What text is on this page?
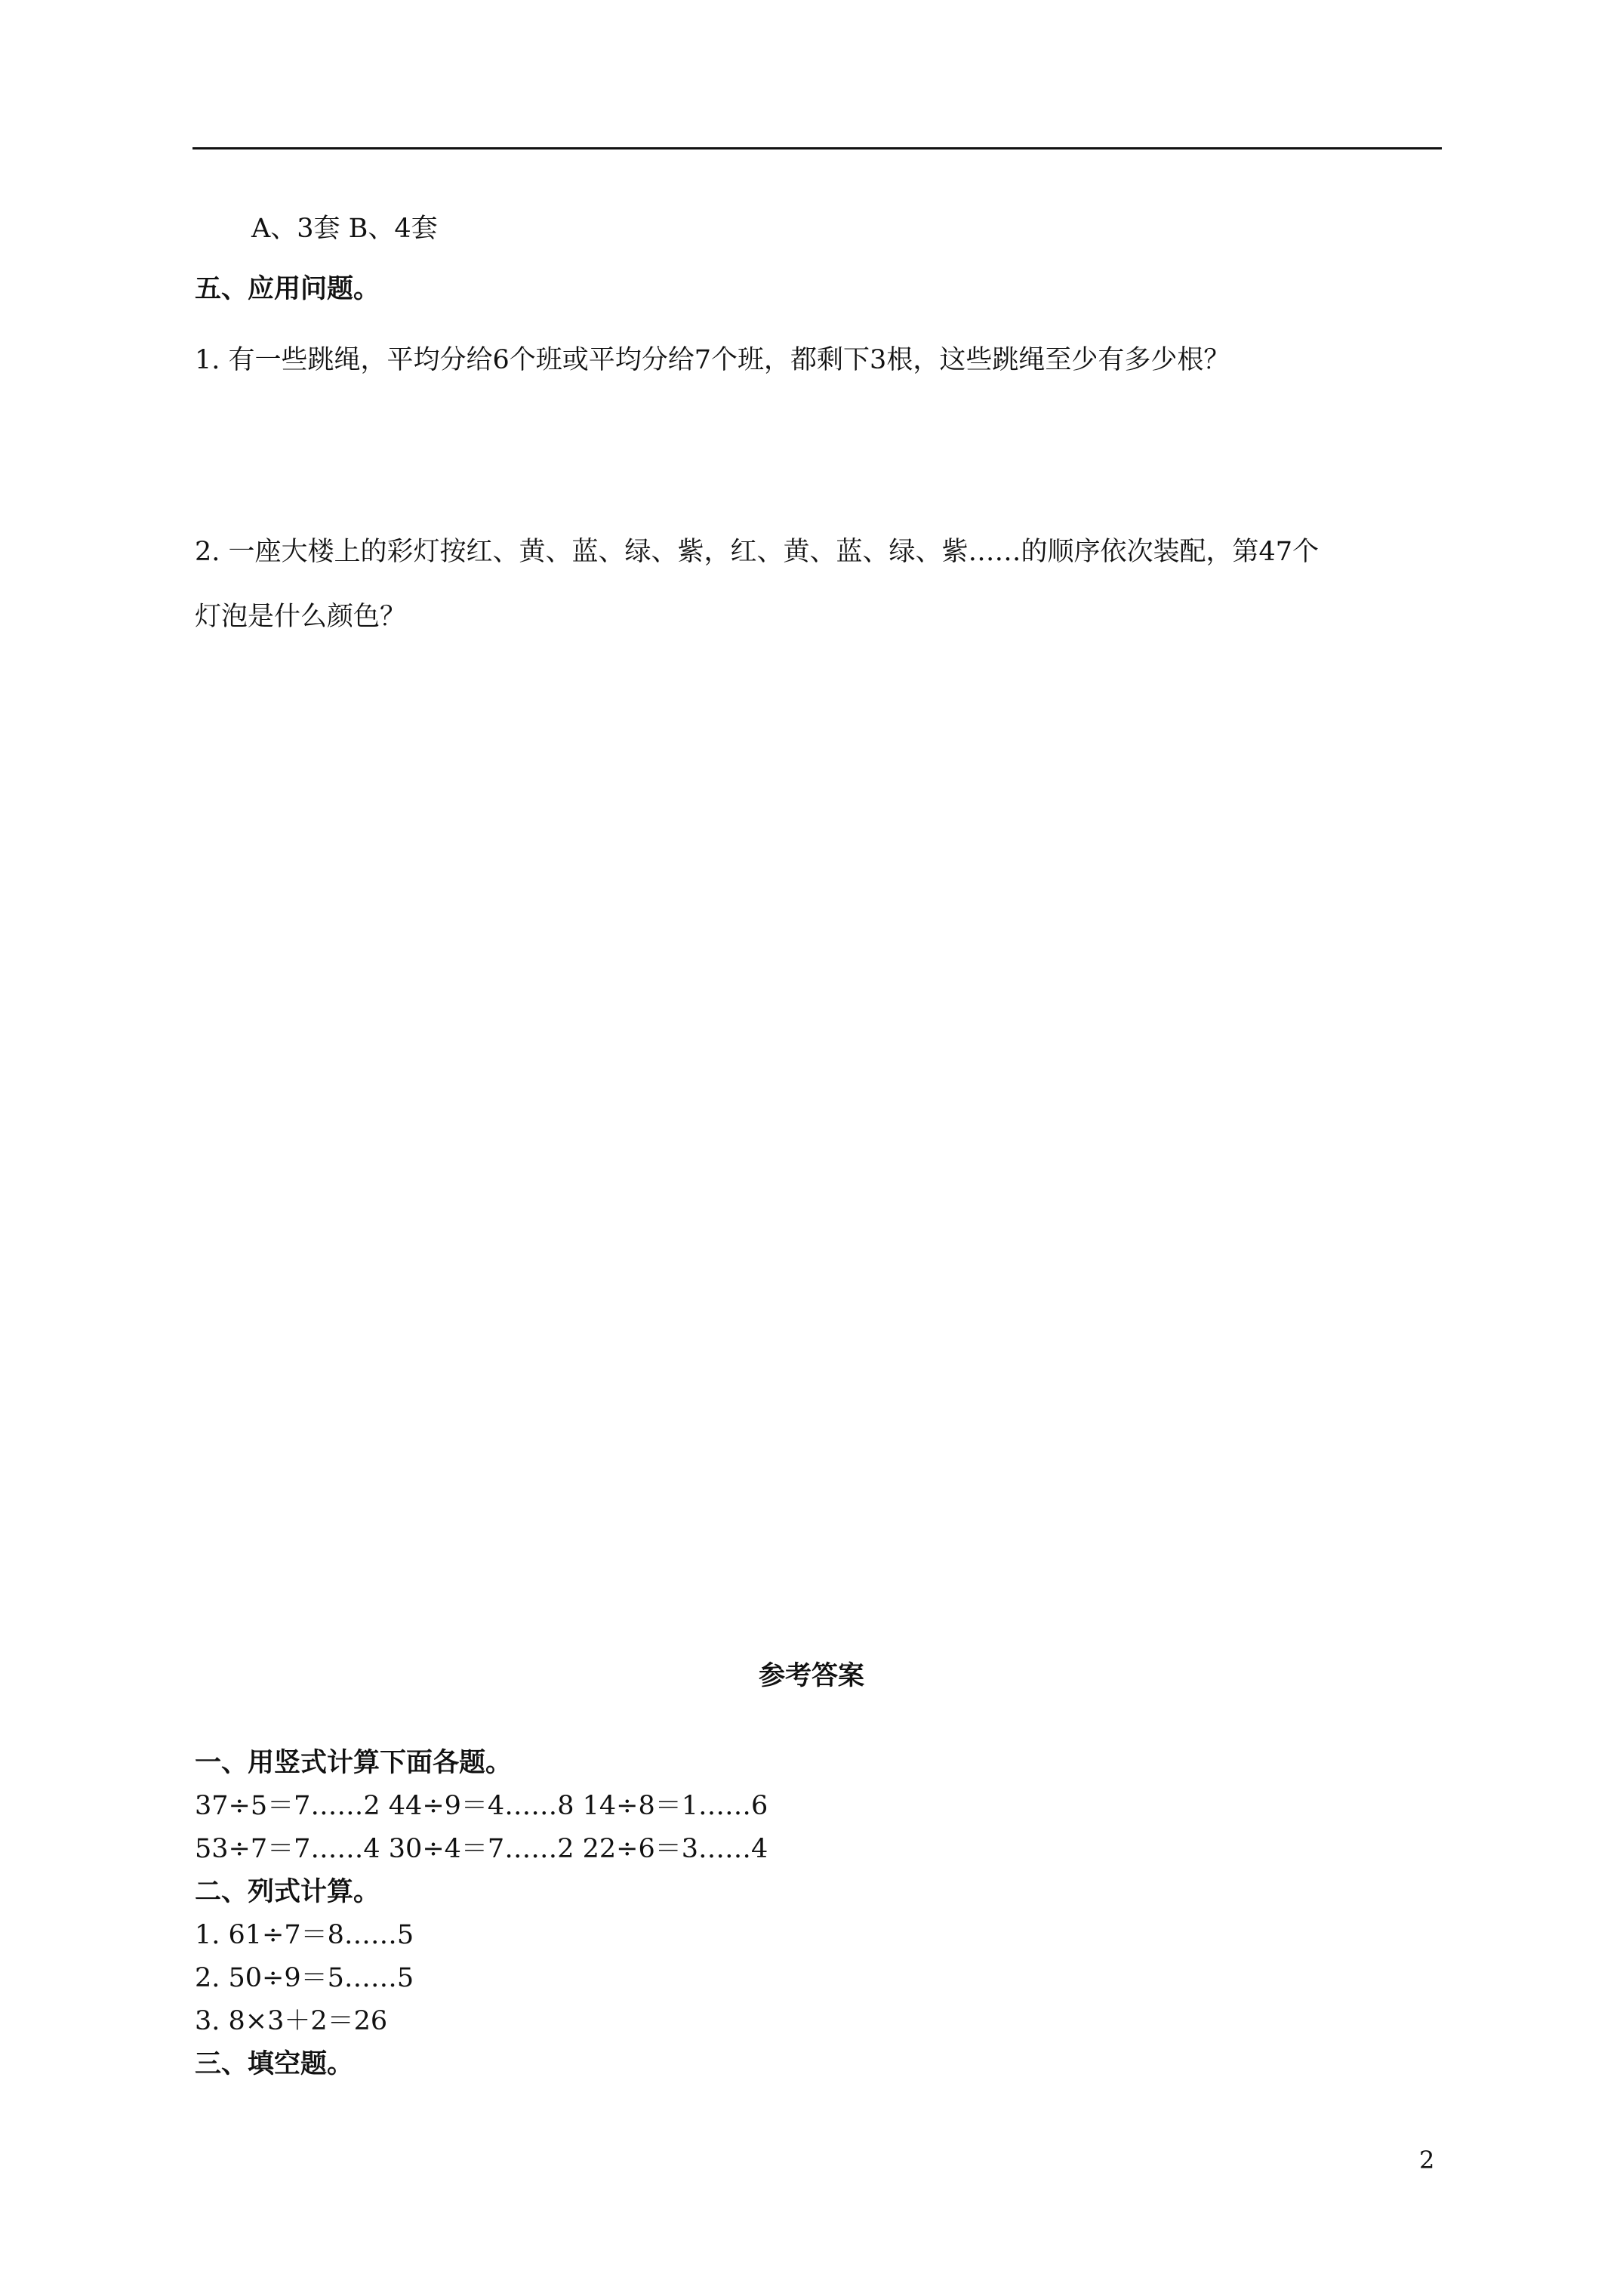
A、3套 B、4套
五、应用问题。
1. 有一些跳绳，平均分给6个班或平均分给7个班，都剩下3根，这些跳绳至少有多少根？
2. 一座大楼上的彩灯按红、黄、蓝、绿、紫，红、黄、蓝、绿、紫……的顺序依次装配，第47个
灯泡是什么颜色？
参考答案
一、用竖式计算下面各题。
37÷5＝7……2 44÷9＝4……8 14÷8＝1……6
53÷7＝7……4 30÷4＝7……2 22÷6＝3……4
二、列式计算。
1. 61÷7＝8……5
2. 50÷9＝5……5
3. 8×3＋2＝26
三、填空题。
2
